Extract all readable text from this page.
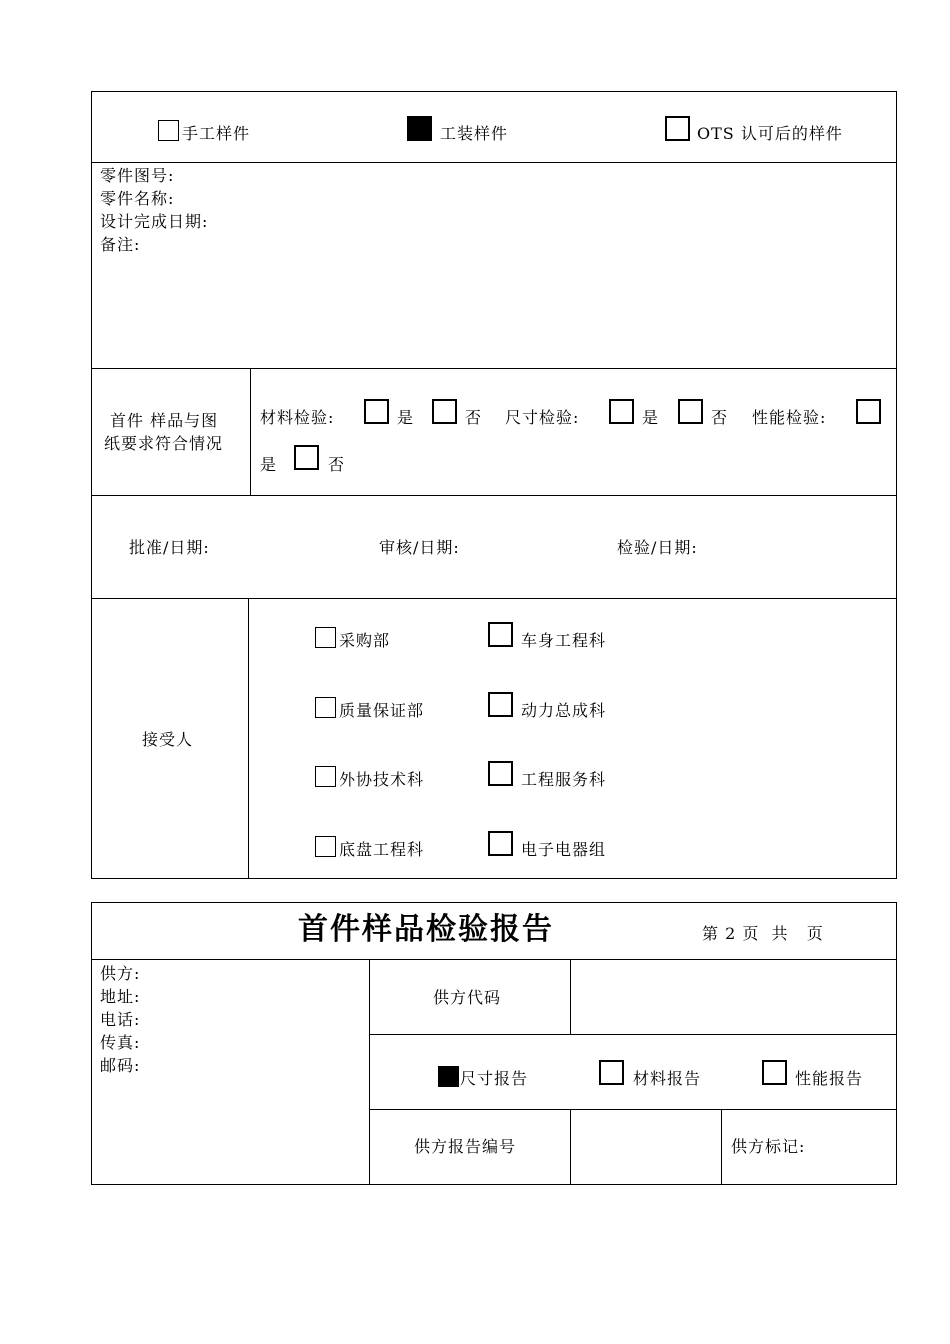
手工样件	工装样件	OTS 认可后的样件
零件图号:
零件名称:
设计完成日期:
备注:
首件 样品与图
纸要求符合情况
材料检验:	是	否 尺寸检验:	是	否 性能检验:
是	否
批准/日期:	审核/日期:	检验/日期:
接受人
采购部	车身工程科
质量保证部	动力总成科
外协技术科	工程服务科
底盘工程科	电子电器组
首件样品检验报告	第 2 页  共   页
供方:
地址:
电话:
传真:
邮码:
供方代码
尺寸报告	材料报告	性能报告
供方报告编号	供方标记:
